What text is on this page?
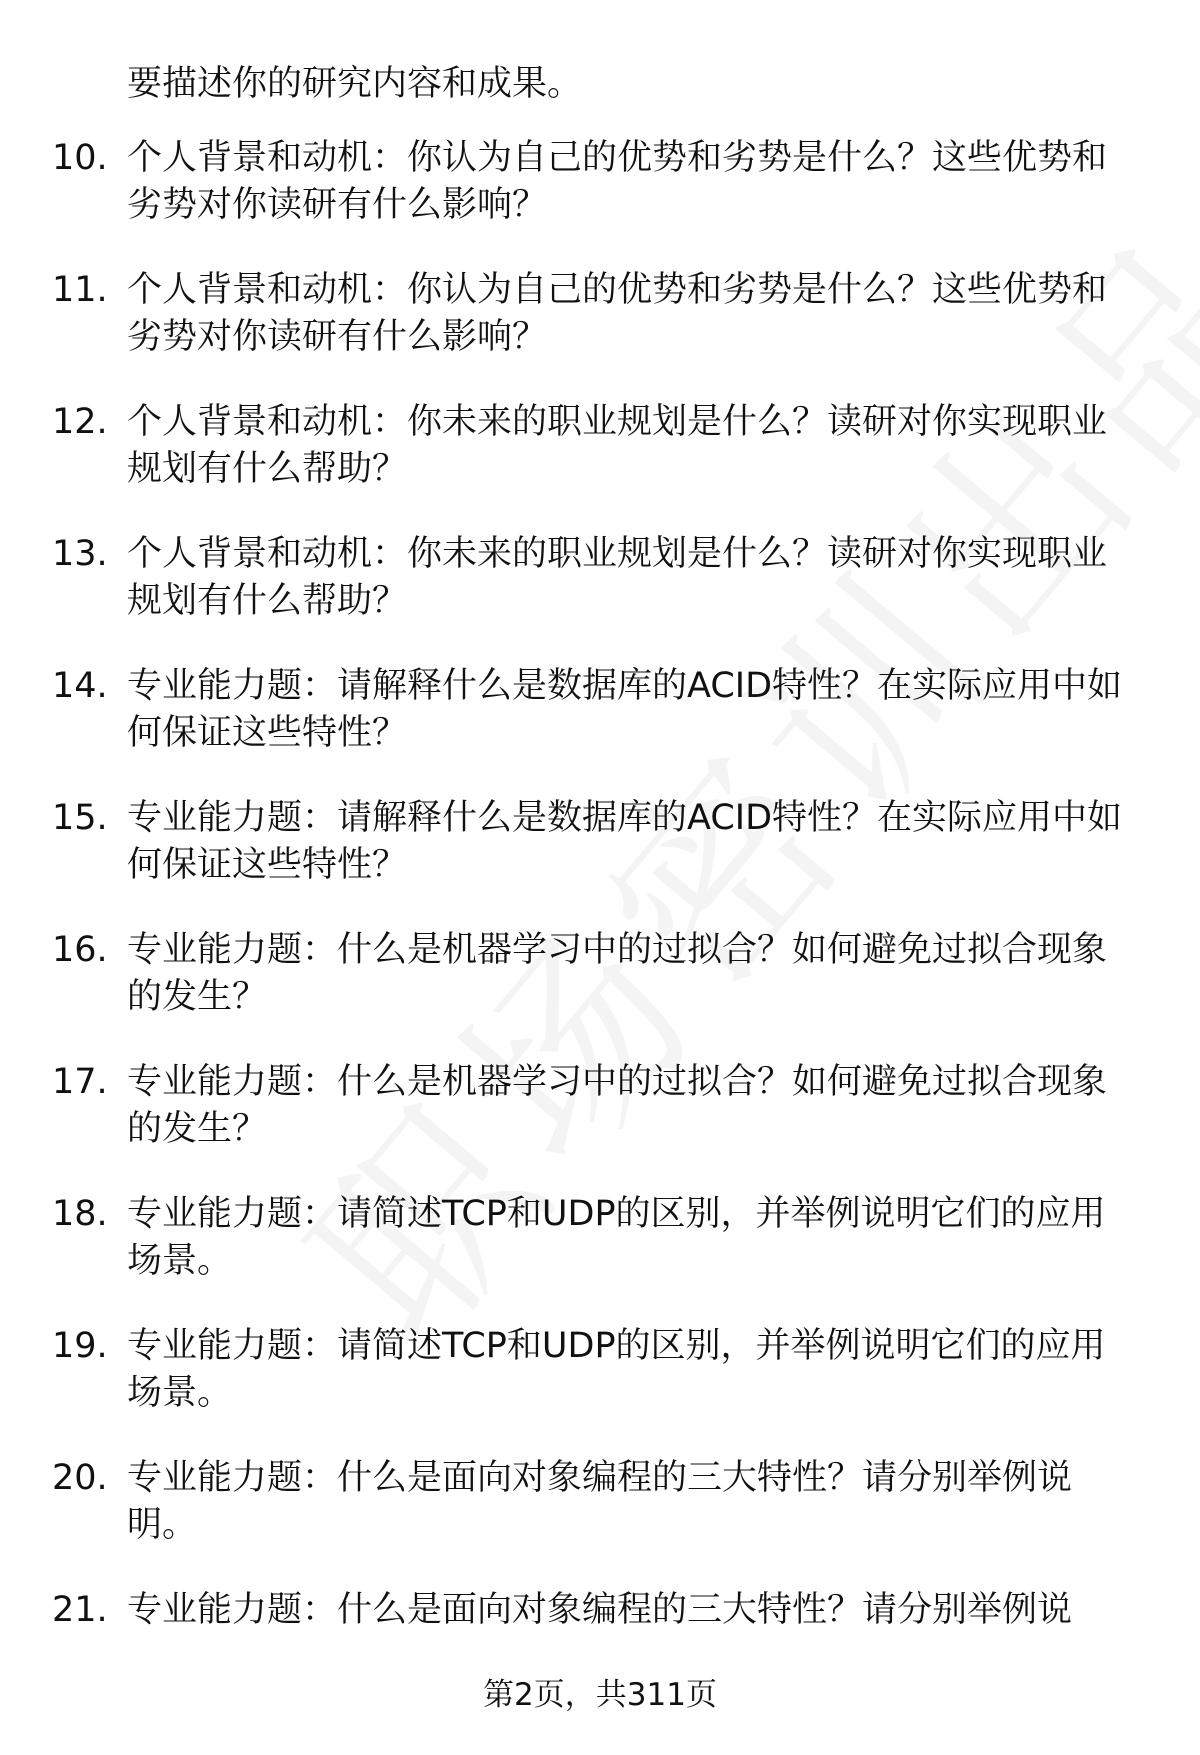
要描述你的研究内容和成果。
10. 个人背景和动机：你认为自己的优势和劣势是什么？这些优势和
劣势对你读研有什么影响？
11. 个人背景和动机：你认为自己的优势和劣势是什么？这些优势和
劣势对你读研有什么影响？
12. 个人背景和动机：你未来的职业规划是什么？读研对你实现职业
规划有什么帮助？
13. 个人背景和动机：你未来的职业规划是什么？读研对你实现职业
规划有什么帮助？
14. 专业能力题：请解释什么是数据库的ACID特性？在实际应用中如
何保证这些特性？
15. 专业能力题：请解释什么是数据库的ACID特性？在实际应用中如
何保证这些特性？
16. 专业能力题：什么是机器学习中的过拟合？如何避免过拟合现象
的发生？
17. 专业能力题：什么是机器学习中的过拟合？如何避免过拟合现象
的发生？
18. 专业能力题：请简述TCP和UDP的区别，并举例说明它们的应用
场景。
19. 专业能力题：请简述TCP和UDP的区别，并举例说明它们的应用
场景。
20. 专业能力题：什么是面向对象编程的三大特性？请分别举例说
明。
21. 专业能力题：什么是面向对象编程的三大特性？请分别举例说
第2页，共311页
